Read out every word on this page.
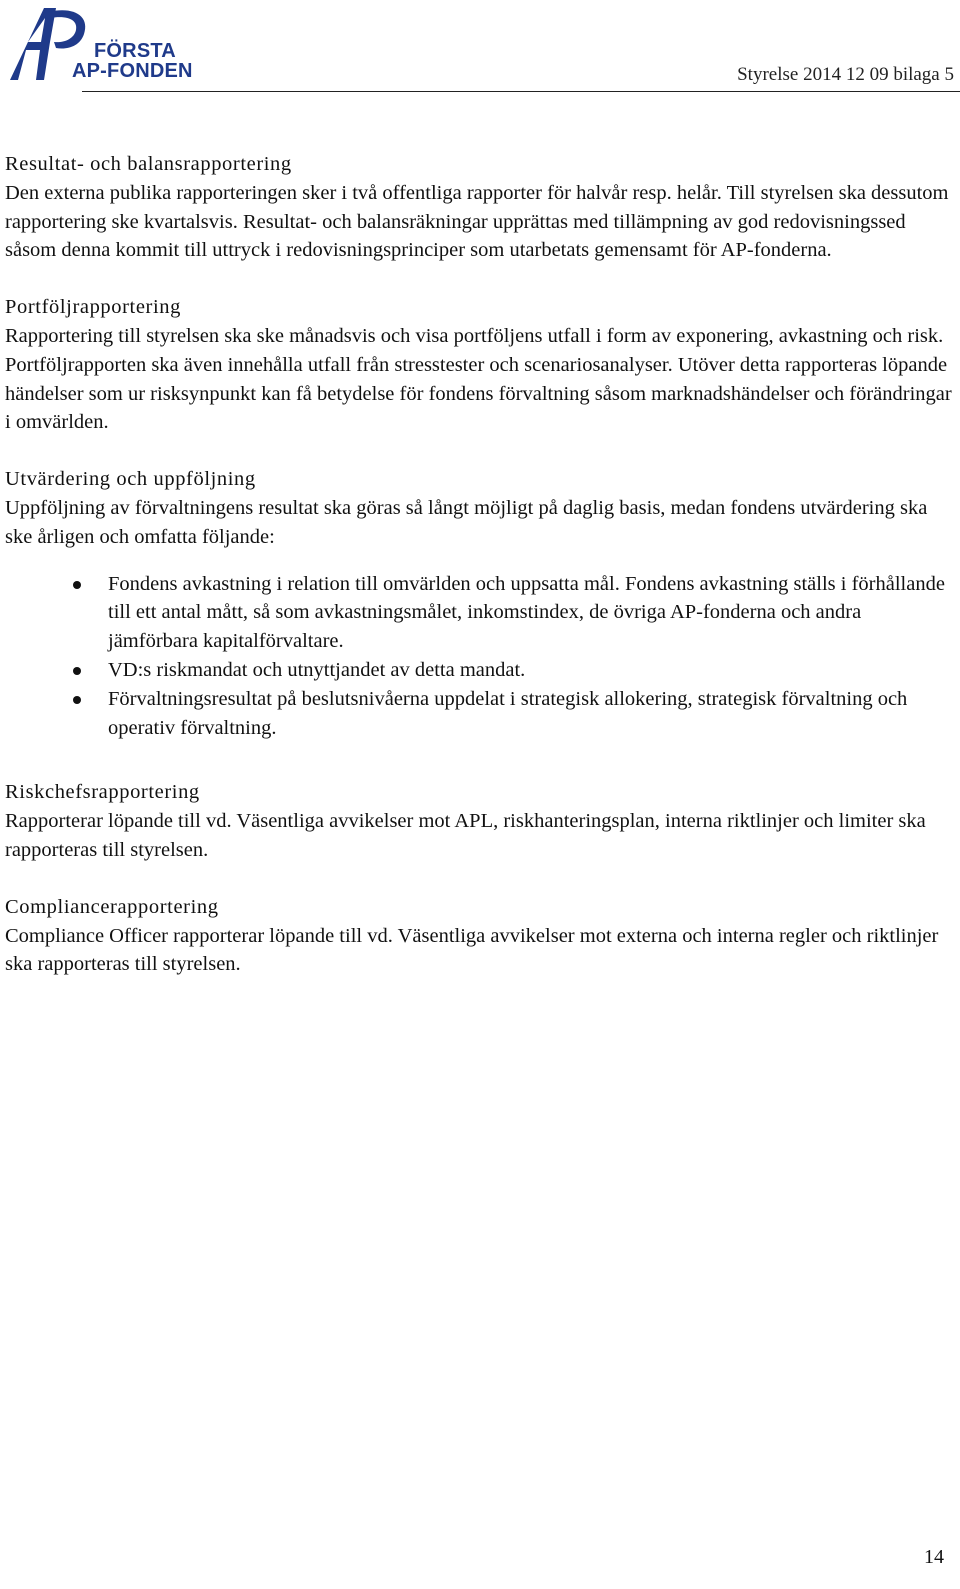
FÖRSTA
AP-FONDEN	Styrelse 2014 12 09 bilaga 5
Resultat- och balansrapportering

Den externa publika rapporteringen sker i två offentliga rapporter för halvår resp. helår. Till styrelsen ska dessutom rapportering ske kvartalsvis. Resultat- och balansräkningar upprättas med tillämpning av god redovisningssed såsom denna kommit till uttryck i redovisningsprinciper som utarbetats gemensamt för AP-fonderna.

Portföljrapportering

Rapportering till styrelsen ska ske månadsvis och visa portföljens utfall i form av exponering, avkastning och risk. Portföljrapporten ska även innehålla utfall från stresstester och scenariosanalyser. Utöver detta rapporteras löpande händelser som ur risksynpunkt kan få betydelse för fondens förvaltning såsom marknadshändelser och förändringar i omvärlden.

Utvärdering och uppföljning

Uppföljning av förvaltningens resultat ska göras så långt möjligt på daglig basis, medan fondens utvärdering ska ske årligen och omfatta följande:

Fondens avkastning i relation till omvärlden och uppsatta mål. Fondens avkastning ställs i förhållande till ett antal mått, så som avkastningsmålet, inkomstindex, de övriga AP-fonderna och andra jämförbara kapitalförvaltare.
VD:s riskmandat och utnyttjandet av detta mandat.
Förvaltningsresultat på beslutsnivåerna uppdelat i strategisk allokering, strategisk förvaltning och operativ förvaltning.
Riskchefsrapportering

Rapporterar löpande till vd. Väsentliga avvikelser mot APL, riskhanteringsplan, interna riktlinjer och limiter ska rapporteras till styrelsen.

Compliancerapportering

Compliance Officer rapporterar löpande till vd. Väsentliga avvikelser mot externa och interna regler och riktlinjer ska rapporteras till styrelsen.

14
